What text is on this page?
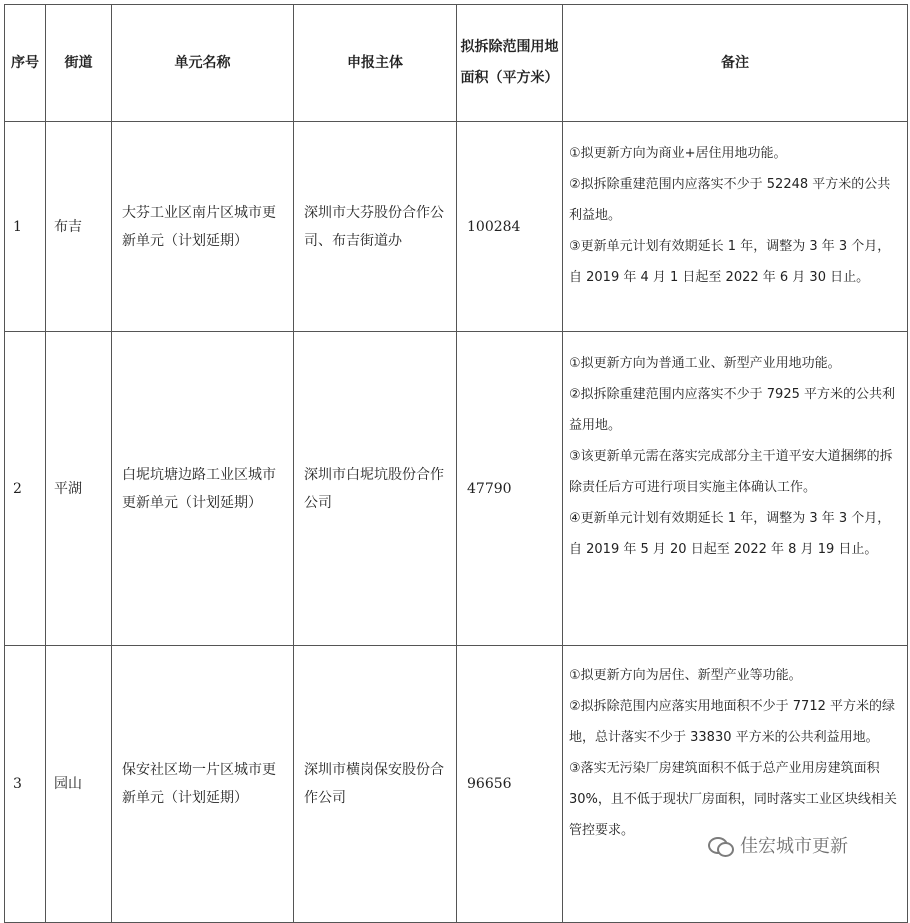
序号	街道	单元名称	申报主体	拟拆除范围用地面积（平方米）	备注
1	布吉	大芬工业区南片区城市更新单元（计划延期）	深圳市大芬股份合作公司、布吉街道办	100284	①拟更新方向为商业+居住用地功能。
②拟拆除重建范围内应落实不少于 52248 平方米的公共利益地。
③更新单元计划有效期延长 1 年，调整为 3 年 3 个月，自 2019 年 4 月 1 日起至 2022 年 6 月 30 日止。

2	平湖	白坭坑塘边路工业区城市更新单元（计划延期）	深圳市白坭坑股份合作公司	47790	①拟更新方向为普通工业、新型产业用地功能。
②拟拆除重建范围内应落实不少于 7925 平方米的公共利益用地。
③该更新单元需在落实完成部分主干道平安大道捆绑的拆除责任后方可进行项目实施主体确认工作。
④更新单元计划有效期延长 1 年，调整为 3 年 3 个月，自 2019 年 5 月 20 日起至 2022 年 8 月 19 日止。

3	园山	保安社区坳一片区城市更新单元（计划延期）	深圳市横岗保安股份合作公司	96656	①拟更新方向为居住、新型产业等功能。
②拟拆除范围内应落实用地面积不少于 7712 平方米的绿地，总计落实不少于 33830 平方米的公共利益用地。
③落实无污染厂房建筑面积不低于总产业用房建筑面积 30%，且不低于现状厂房面积，同时落实工业区块线相关管控要求。
佳宏城市更新
